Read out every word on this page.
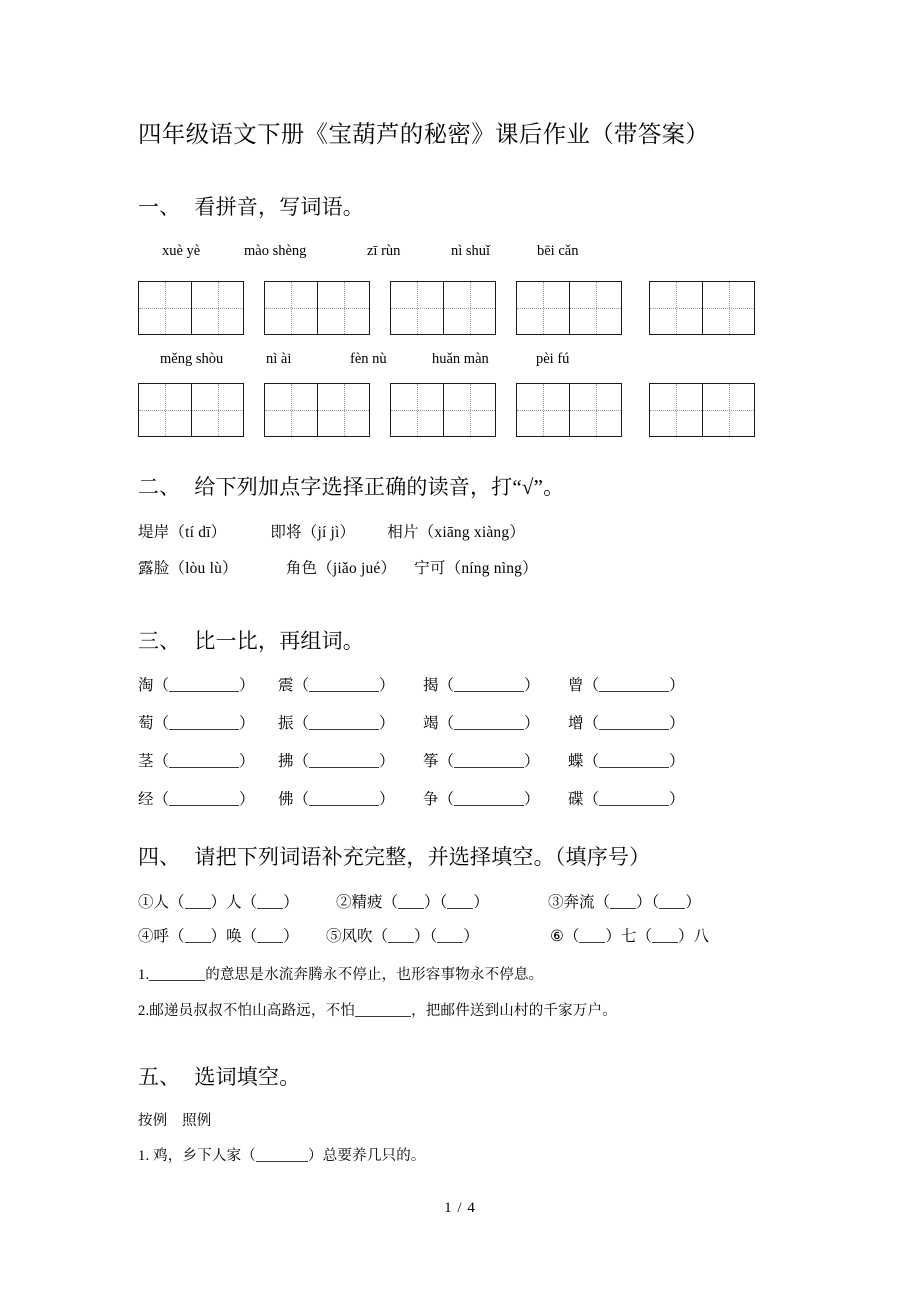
四年级语文下册《宝葫芦的秘密》课后作业（带答案）
一、 看拼音，写词语。
xuè yè	mào shèng	zī rùn	nì shuǐ	bēi cǎn
měng shòu	nì ài	fèn nù	huǎn màn	pèi fú
二、 给下列加点字选择正确的读音，打“√”。
堤岸（tí dī）	即将（jí jì） 相片（xiāng xiàng）
露脸（lòu lù）	角色（jiǎo jué） 宁可（níng nìng）
三、 比一比，再组词。
淘（	） 震（	） 揭（	） 曾（	）
萄（	） 振（	） 竭（	） 增（	）
茎（	） 拂（	） 筝（	） 蝶（	）
经（	） 佛（	） 争（	） 碟（	）
四、 请把下列词语补充完整，并选择填空。（填序号）
①人（ ）人（ ） ②精疲（ ）（ ）	③奔流（ ）（ ）
④呼（ ）唤（ ） ⑤风吹（ ）（ ）	⑥（ ）七（ ）八
1.	的意思是水流奔腾永不停止，也形容事物永不停息。
2.邮递员叔叔不怕山高路远，不怕	，把邮件送到山村的千家万户。
五、 选词填空。
按例　照例
1. 鸡，乡下人家（	）总要养几只的。
1 / 4
